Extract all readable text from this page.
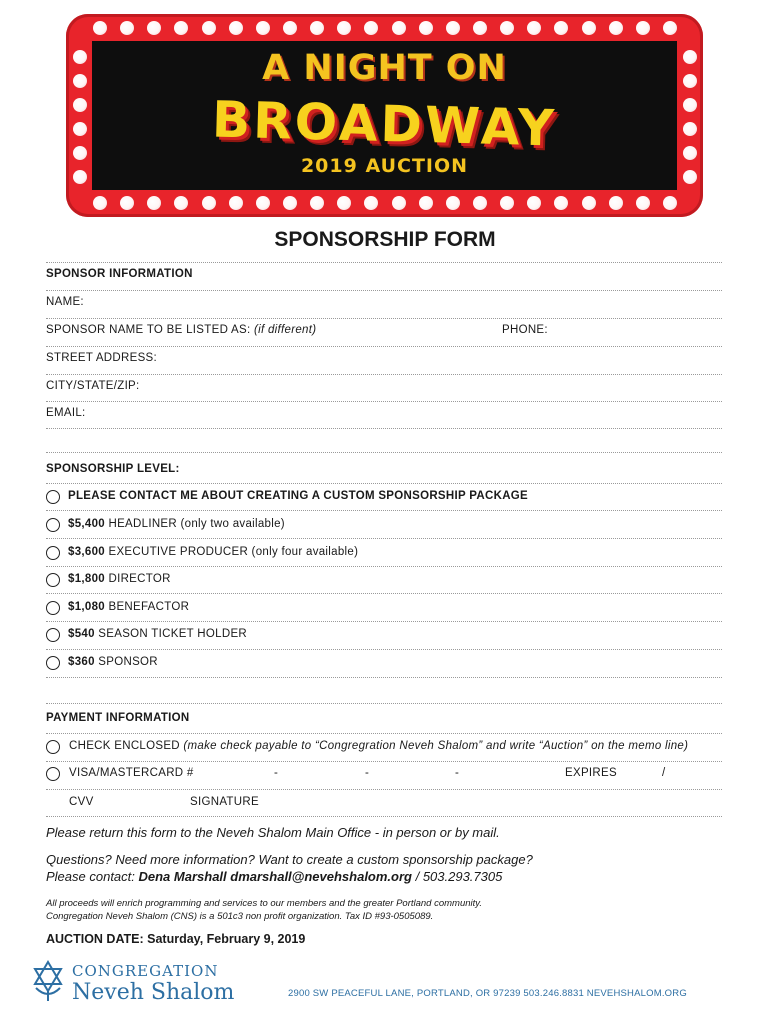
A NIGHT ON
BROADWAY
2019 AUCTION
SPONSORSHIP FORM
SPONSOR INFORMATION
NAME:
SPONSOR NAME TO BE LISTED AS: (if different)	PHONE:
STREET ADDRESS:
CITY/STATE/ZIP:
EMAIL:
SPONSORSHIP LEVEL:
PLEASE CONTACT ME ABOUT CREATING A CUSTOM SPONSORSHIP PACKAGE
$5,400 HEADLINER (only two available)
$3,600 EXECUTIVE PRODUCER (only four available)
$1,800 DIRECTOR
$1,080 BENEFACTOR
$540 SEASON TICKET HOLDER
$360 SPONSOR
PAYMENT INFORMATION
CHECK ENCLOSED (make check payable to “Congregration Neveh Shalom” and write “Auction” on the memo line)
VISA/MASTERCARD #	-	-	-	EXPIRES	/
CVV	SIGNATURE
Please return this form to the Neveh Shalom Main Office - in person or by mail.
Questions? Need more information? Want to create a custom sponsorship package?
Please contact: Dena Marshall dmarshall@nevehshalom.org / 503.293.7305
All proceeds will enrich programming and services to our members and the greater Portland community.
Congregation Neveh Shalom (CNS) is a 501c3 non profit organization. Tax ID #93-0505089.
AUCTION DATE: Saturday, February 9, 2019
CONGREGATION
Neveh Shalom	2900 SW PEACEFUL LANE, PORTLAND, OR 97239 503.246.8831 NEVEHSHALOM.ORG
